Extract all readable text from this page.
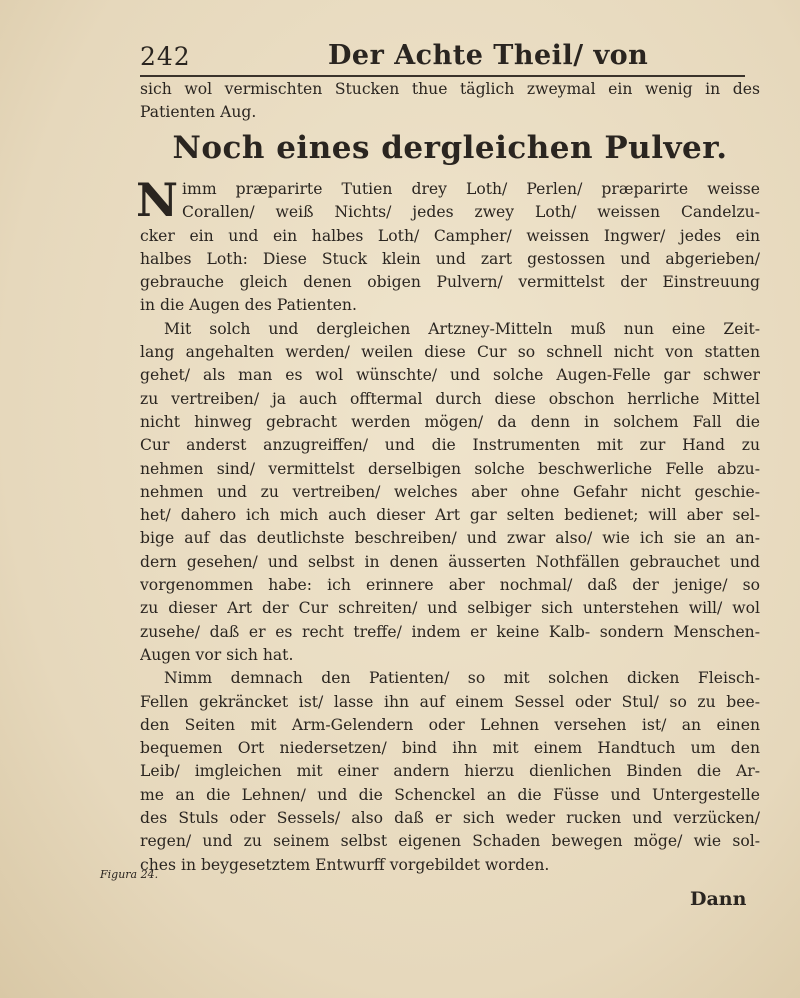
242	Der Achte Theil/ von
sich wol vermischten Stucken thue täglich zweymal ein wenig in des
Patienten Aug.
Noch eines dergleichen Pulver.
N imm præparirte Tutien drey Loth/ Perlen/ præparirte weisse
Corallen/ weiß Nichts/ jedes zwey Loth/ weissen Candelzu-
cker ein und ein halbes Loth/ Campher/ weissen Ingwer/ jedes ein
halbes Loth: Diese Stuck klein und zart gestossen und abgerieben/
gebrauche gleich denen obigen Pulvern/ vermittelst der Einstreuung
in die Augen des Patienten.
Mit solch und dergleichen Artzney-Mitteln muß nun eine Zeit-
lang angehalten werden/ weilen diese Cur so schnell nicht von statten
gehet/ als man es wol wünschte/ und solche Augen-Felle gar schwer
zu vertreiben/ ja auch offtermal durch diese obschon herrliche Mittel
nicht hinweg gebracht werden mögen/ da denn in solchem Fall die
Cur anderst anzugreiffen/ und die Instrumenten mit zur Hand zu
nehmen sind/ vermittelst derselbigen solche beschwerliche Felle abzu-
nehmen und zu vertreiben/ welches aber ohne Gefahr nicht geschie-
het/ dahero ich mich auch dieser Art gar selten bedienet; will aber sel-
bige auf das deutlichste beschreiben/ und zwar also/ wie ich sie an an-
dern gesehen/ und selbst in denen äusserten Nothfällen gebrauchet und
vorgenommen habe: ich erinnere aber nochmal/ daß der jenige/ so
zu dieser Art der Cur schreiten/ und selbiger sich unterstehen will/ wol
zusehe/ daß er es recht treffe/ indem er keine Kalb- sondern Menschen-
Augen vor sich hat.
Nimm demnach den Patienten/ so mit solchen dicken Fleisch-
Fellen gekräncket ist/ lasse ihn auf einem Sessel oder Stul/ so zu bee-
den Seiten mit Arm-Gelendern oder Lehnen versehen ist/ an einen
bequemen Ort niedersetzen/ bind ihn mit einem Handtuch um den
Leib/ imgleichen mit einer andern hierzu dienlichen Binden die Ar-
me an die Lehnen/ und die Schenckel an die Füsse und Untergestelle
des Stuls oder Sessels/ also daß er sich weder rucken und verzücken/
regen/ und zu seinem selbst eigenen Schaden bewegen möge/ wie sol-
ches in beygesetztem Entwurff vorgebildet worden.
Figura 24.
Dann
